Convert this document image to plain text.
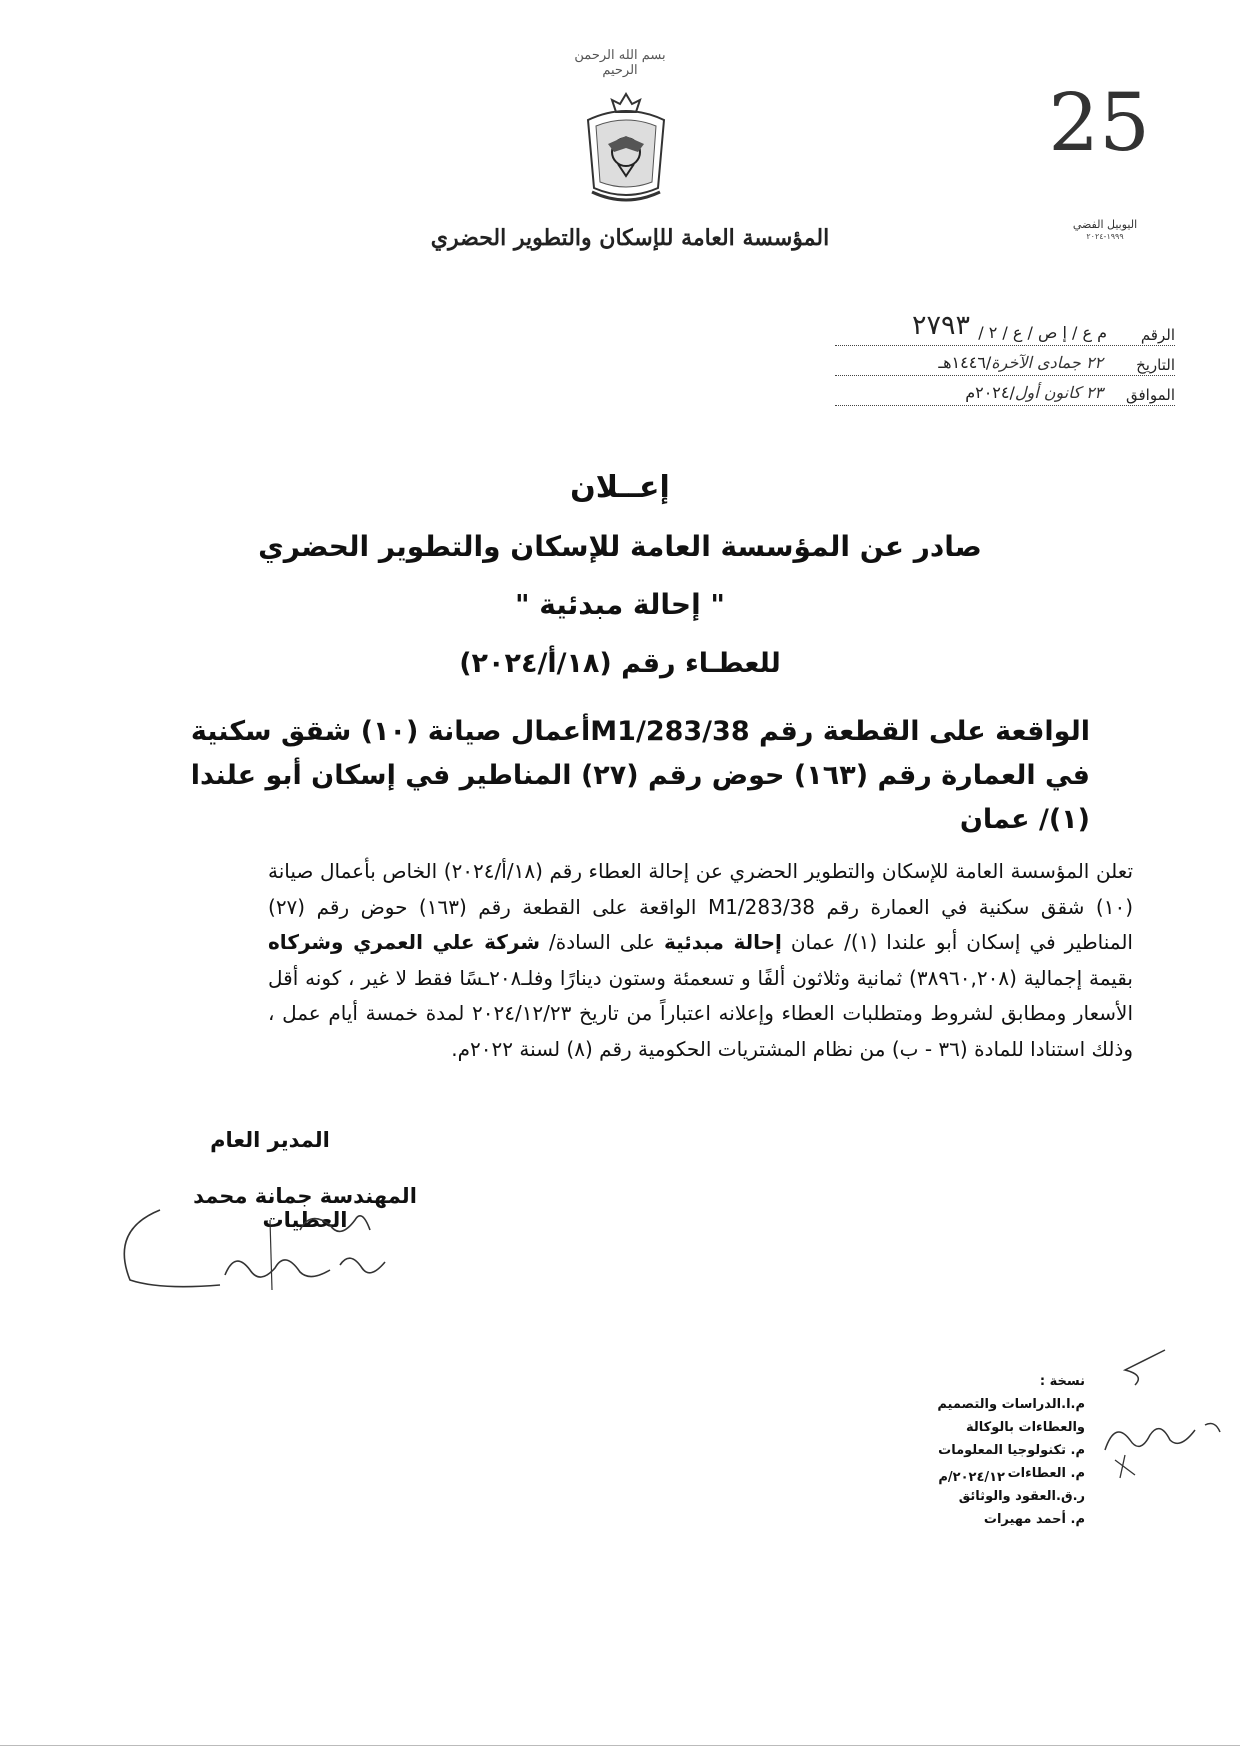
بسم الله الرحمن الرحيم
المؤسسة العامة للإسكان والتطوير الحضري
25
اليوبيل الفضي
١٩٩٩-٢٠٢٤
الرقم
م ع / إ ص / ع / ٢ /
٢٧٩٣
التاريخ
٢٢ جمادى الآخرة/١٤٤٦هـ
الموافق
٢٣ كانون أول/٢٠٢٤م
إعــلان
صادر عن المؤسسة العامة للإسكان والتطوير الحضري
" إحالة مبدئية "
للعطـاء رقم (١٨/أ/٢٠٢٤)
الواقعة على القطعة رقم M1/283/38أعمال صيانة (١٠) شقق سكنية في العمارة رقم (١٦٣) حوض رقم (٢٧) المناطير في إسكان أبو علندا (١)/ عمان
تعلن المؤسسة العامة للإسكان والتطوير الحضري عن إحالة العطاء رقم (١٨/أ/٢٠٢٤) الخاص بأعمال صيانة (١٠) شقق سكنية في العمارة رقم M1/283/38 الواقعة على القطعة رقم (١٦٣) حوض رقم (٢٧) المناطير في إسكان أبو علندا (١)/ عمان إحالة مبدئية على السادة/ شركة علي العمري وشركاه بقيمة إجمالية (٣٨٩٦٠,٢٠٨) ثمانية وثلاثون ألفًا و تسعمئة وستون دينارًا وفلـ٢٠٨ـسًا فقط لا غير ، كونه أقل الأسعار ومطابق لشروط ومتطلبات العطاء وإعلانه اعتباراً من تاريخ ٢٠٢٤/١٢/٢٣ لمدة خمسة أيام عمل ، وذلك استنادا للمادة (٣٦ - ب) من نظام المشتريات الحكومية رقم (٨) لسنة ٢٠٢٢م.
المدير العام
المهندسة جمانة محمد العطيات
نسخة :
م.ا.الدراسات والتصميم والعطاءات بالوكالة
م. تكنولوجيا المعلومات
م. العطاءات
ر.ق.العقود والوثائق
م. أحمد مهيرات
٢٠٢٤/١٢/م
